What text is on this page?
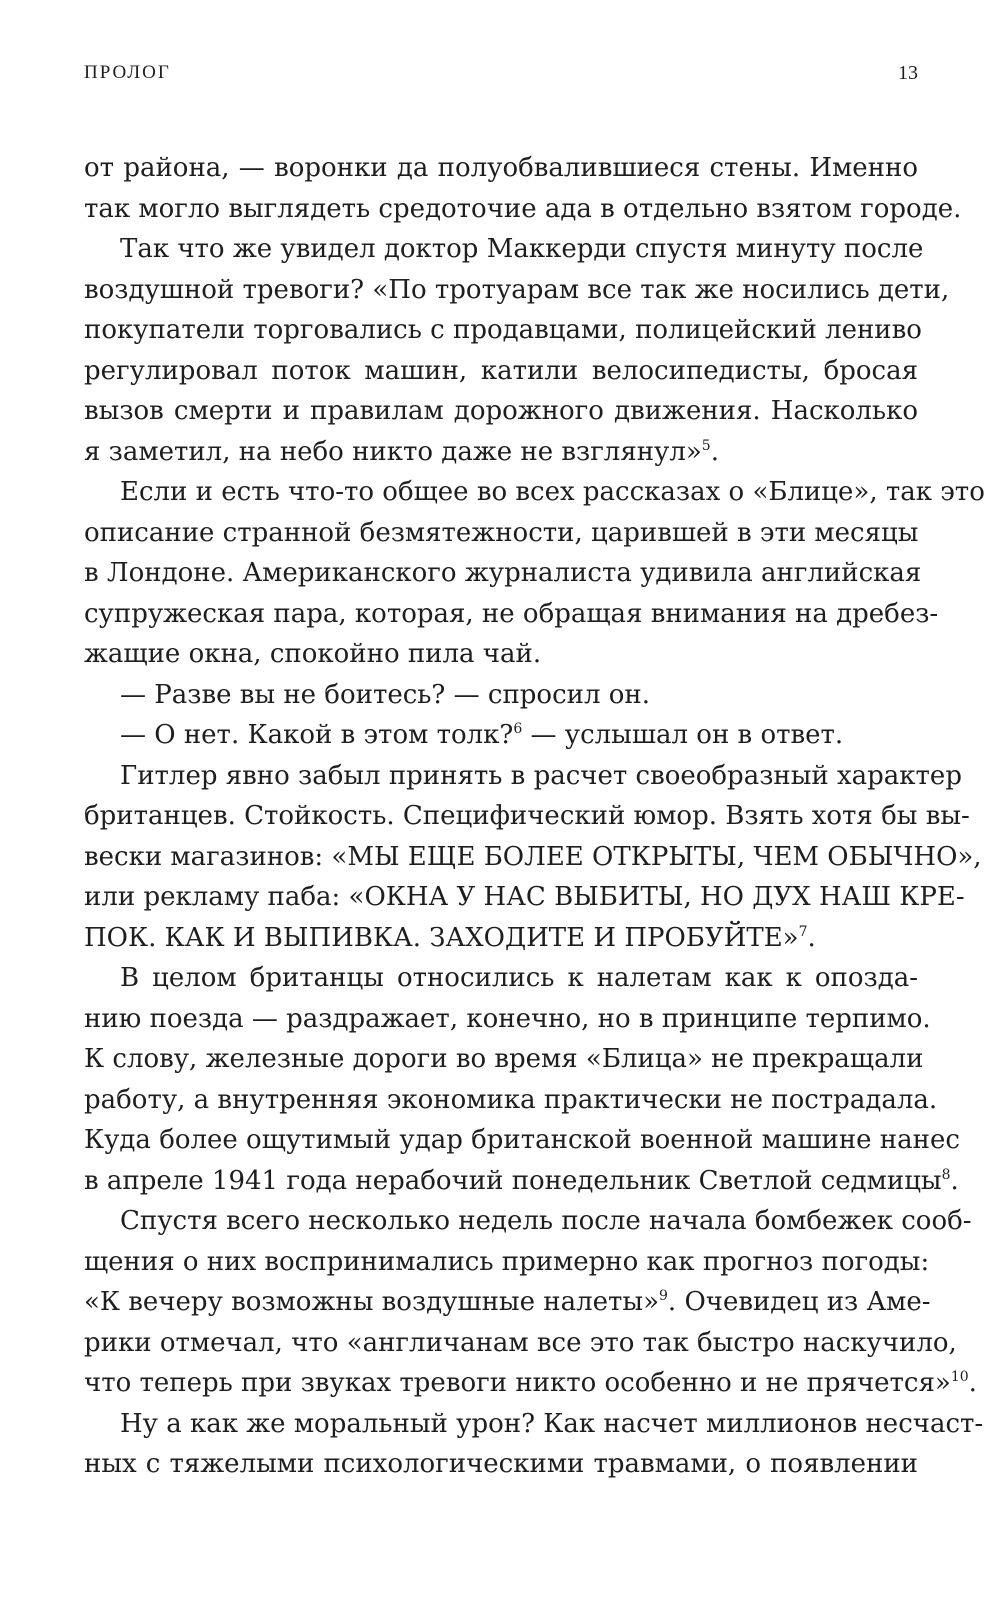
ПРОЛОГ	13
от района, — воронки да полуобвалившиеся стены. Именно
так могло выглядеть средоточие ада в отдельно взятом городе.
Так что же увидел доктор Маккерди спустя минуту после
воздушной тревоги? «По тротуарам все так же носились дети,
покупатели торговались с продавцами, полицейский лениво
регулировал поток машин, катили велосипедисты, бросая
вызов смерти и правилам дорожного движения. Насколько
я заметил, на небо никто даже не взглянул»$^5$.
Если и есть что-то общее во всех рассказах о «Блице», так это
описание странной безмятежности, царившей в эти месяцы
в Лондоне. Американского журналиста удивила английская
супружеская пара, которая, не обращая внимания на дребез-
жащие окна, спокойно пила чай.
— Разве вы не боитесь? — спросил он.
— О нет. Какой в этом толк?$^6$ — услышал он в ответ.
Гитлер явно забыл принять в расчет своеобразный характер
британцев. Стойкость. Специфический юмор. Взять хотя бы вы-
вески магазинов: «МЫ ЕЩЕ БОЛЕЕ ОТКРЫТЫ, ЧЕМ ОБЫЧНО»,
или рекламу паба: «ОКНА У НАС ВЫБИТЫ, НО ДУХ НАШ КРЕ-
ПОК. КАК И ВЫПИВКА. ЗАХОДИТЕ И ПРОБУЙТЕ»$^7$.
В целом британцы относились к налетам как к опозда-
нию поезда — раздражает, конечно, но в принципе терпимо.
К слову, железные дороги во время «Блица» не прекращали
работу, а внутренняя экономика практически не пострадала.
Куда более ощутимый удар британской военной машине нанес
в апреле 1941 года нерабочий понедельник Светлой седмицы$^8$.
Спустя всего несколько недель после начала бомбежек сооб-
щения о них воспринимались примерно как прогноз погоды:
«К вечеру возможны воздушные налеты»$^9$. Очевидец из Аме-
рики отмечал, что «англичанам все это так быстро наскучило,
что теперь при звуках тревоги никто особенно и не прячется»$^{10}$.
Ну а как же моральный урон? Как насчет миллионов несчаст-
ных с тяжелыми психологическими травмами, о появлении
